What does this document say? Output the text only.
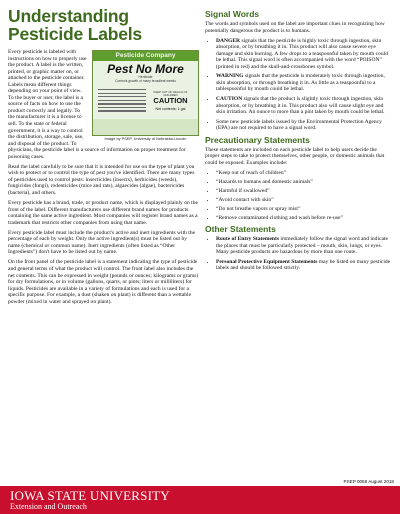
Understanding Pesticide Labels
Pesticide Company
Pest No More
Herbicide
Controls growth of many broadleaf weeds
KEEP OUT OF REACH OF CHILDREN
CAUTION
Net contents: 1 gal
Image by PSEP, University of Nebraska-Lincoln

Every pesticide is labeled with instructions on how to properly use the product. A label is the written, printed, or graphic matter on, or attached to the pesticide container. Labels mean different things depending on your point of view. To the buyer or user, the label is a source of facts on how to use the product correctly and legally. To the manufacturer it is a license to sell. To the state or federal government, it is a way to control the distribution, storage, sale, use, and disposal of the product. To physicians, the pesticide label is a source of information on proper treatment for poisoning cases.

Read the label carefully to be sure that it is intended for use on the type of plant you wish to protect or to control the type of pest you've identified. There are many types of pesticides used to control pests: insecticides (insects), herbicides (weeds), fungicides (fungi), rodenticides (mice and rats), algaecides (algae), bactericides (bacteria), and others.

Every pesticide has a brand, trade, or product name, which is displayed plainly on the front of the label. Different manufacturers use different brand names for products containing the same active ingredient. Most companies will register brand names as a trademark that restricts other companies from using that name.

Every pesticide label must include the product's active and inert ingredients with the percentage of each by weight. Only the active ingredient(s) must be listed out by name (chemical or common name). Inert ingredients (often listed as “Other Ingredients”) don't have to be listed out by name.

On the front panel of the pesticide label is a statement indicating the type of pesticide and general terms of what the product will control. The front label also includes the net contents. This can be expressed in weight (pounds or ounces; kilograms or grams) for dry formulations, or in volume (gallons, quarts, or pints; liters or milliliters) for liquids. Pesticides are available in a variety of formulations and each is used for a specific purpose. For example, a dust (shaken on plant) is different than a wettable powder (mixed in water and sprayed on plant).

Signal Words

The words and symbols used on the label are important clues in recognizing how potentially dangerous the product is to humans.

• DANGER signals that the pesticide is highly toxic through ingestion, skin absorption, or by breathing it in. This product will also cause severe eye damage and skin burning. A few drops to a teaspoonful taken by mouth could be lethal. This signal word is often accompanied with the word “POISON” (printed in red) and the skull-and-crossbones symbol.
• WARNING signals that the pesticide is moderately toxic through ingestion, skin absorption, or through breathing it in. As little as a teaspoonful to a tablespoonful by mouth could be lethal.
• CAUTION signals that the product is slightly toxic through ingestion, skin absorption, or by breathing it in. This product also will cause slight eye and skin irritation. An ounce to more than a pint taken by mouth could be lethal.
• Some new pesticide labels issued by the Environmental Protection Agency (EPA) are not required to have a signal word.
Precautionary Statements

These statements are included on each pesticide label to help users decide the proper steps to take to protect themselves, other people, or domestic animals that could be exposed. Examples include:

• “Keep out of reach of children”
• “Hazards to humans and domestic animals”
• “Harmful if swallowed”
• “Avoid contact with skin”
• “Do not breathe vapors or spray mist”
• “Remove contaminated clothing and wash before re-use”
Other Statements
• Route of Entry Statements immediately follow the signal word and indicate the places that must be particularly protected – mouth, skin, lungs, or eyes. Many pesticide products are hazardous by more than one route.
• Personal Protective Equipment Statements may be listed on many pesticide labels and should be followed strictly.
PSEP 0058 August 2018
IOWA STATE UNIVERSITY
Extension and Outreach
